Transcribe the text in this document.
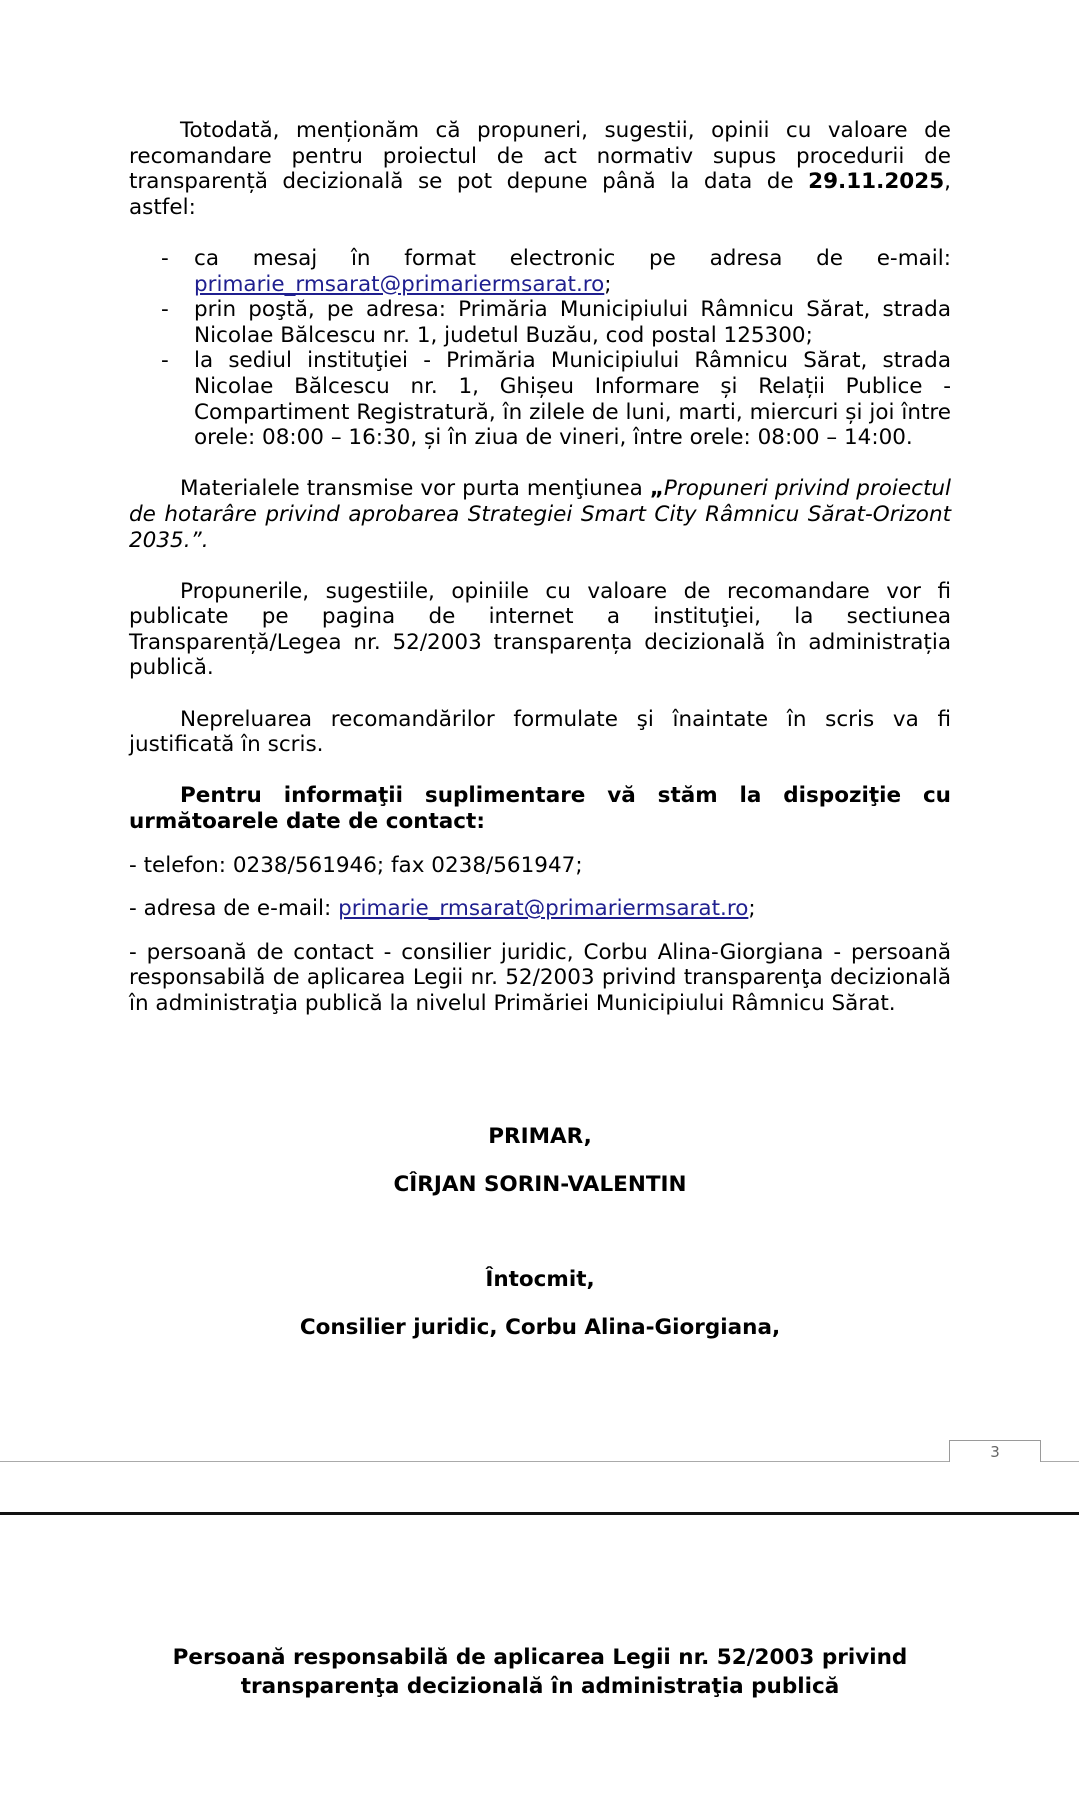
Totodată, menționăm că propuneri, sugestii, opinii cu valoare de recomandare pentru proiectul de act normativ supus procedurii de transparență decizională se pot depune până la data de 29.11.2025, astfel:

- ca mesaj în format electronic pe adresa de e-mail: primarie_rmsarat@primariermsarat.ro;
- prin poştă, pe adresa: Primăria Municipiului Râmnicu Sărat, strada Nicolae Bălcescu nr. 1, judetul Buzău, cod postal 125300;
- la sediul instituţiei - Primăria Municipiului Râmnicu Sărat, strada Nicolae Bălcescu nr. 1, Ghișeu Informare și Relații Publice - Compartiment Registratură, în zilele de luni, marti, miercuri și joi între orele: 08:00 – 16:30, și în ziua de vineri, între orele: 08:00 – 14:00.

Materialele transmise vor purta menţiunea „Propuneri privind proiectul de hotarâre privind aprobarea Strategiei Smart City Râmnicu Sărat-Orizont 2035.”.

Propunerile, sugestiile, opiniile cu valoare de recomandare vor fi publicate pe pagina de internet a instituţiei, la sectiunea Transparență/Legea nr. 52/2003 transparența decizională în administrația publică.

Nepreluarea recomandărilor formulate şi înaintate în scris va fi justificată în scris.

Pentru informaţii suplimentare vă stăm la dispoziţie cu următoarele date de contact:

- telefon: 0238/561946; fax 0238/561947;

- adresa de e-mail: primarie_rmsarat@primariermsarat.ro;

- persoană de contact - consilier juridic, Corbu Alina-Giorgiana - persoană responsabilă de aplicarea Legii nr. 52/2003 privind transparenţa decizională în administraţia publică la nivelul Primăriei Municipiului Râmnicu Sărat.

PRIMAR,

CÎRJAN SORIN-VALENTIN

Întocmit,

Consilier juridic, Corbu Alina-Giorgiana,

3
Persoană responsabilă de aplicarea Legii nr. 52/2003 privind
transparenţa decizională în administraţia publică
